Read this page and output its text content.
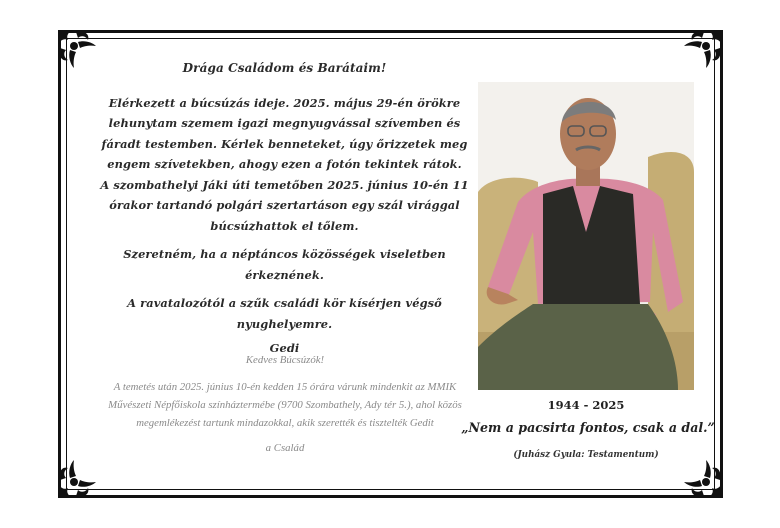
Drága Családom és Barátaim!

Elérkezett a búcsúzás ideje. 2025. május 29-én örökre lehunytam szemem igazi megnyugvással szívemben és fáradt testemben. Kérlek benneteket, úgy őrizzetek meg engem szívetekben, ahogy ezen a fotón tekintek rátok.

A szombathelyi Jáki úti temetőben 2025. június 10-én 11 órakor tartandó polgári szertartáson egy szál virággal búcsúzhattok el tőlem.

Szeretném, ha a néptáncos közösségek viseletben érkeznének.

A ravatalozótól a szűk családi kör kísérjen végső nyughelyemre.

Gedi

Kedves Búcsúzók!

A temetés után 2025. június 10-én kedden 15 órára várunk mindenkit az MMIK Művészeti Népfőiskola színháztermébe (9700 Szombathely, Ady tér 5.), ahol közös megemlékezést tartunk mindazokkal, akik szerették és tisztelték Gedit

a Család

1944 - 2025
„Nem a pacsirta fontos, csak a dal.”
(Juhász Gyula: Testamentum)
